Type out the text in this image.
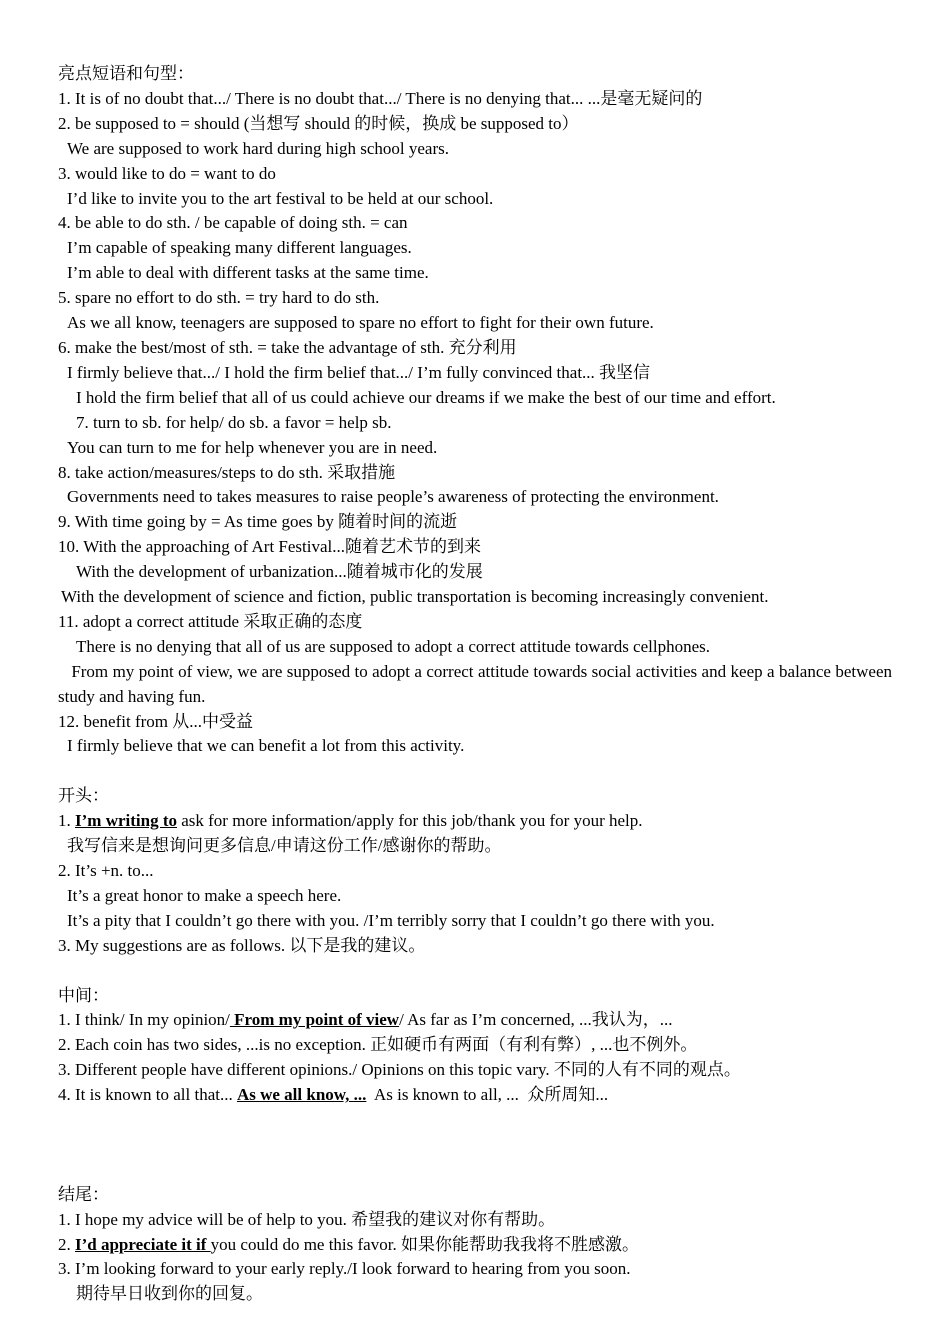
亮点短语和句型：
1. It is of no doubt that.../ There is no doubt that.../ There is no denying that... ...是毫无疑问的
2. be supposed to = should (当想写 should 的时候，换成 be supposed to）
We are supposed to work hard during high school years.
3. would like to do = want to do
I’d like to invite you to the art festival to be held at our school.
4. be able to do sth. / be capable of doing sth. = can
I’m capable of speaking many different languages.
I’m able to deal with different tasks at the same time.
5. spare no effort to do sth. = try hard to do sth.
As we all know, teenagers are supposed to spare no effort to fight for their own future.
6. make the best/most of sth. = take the advantage of sth. 充分利用
I firmly believe that.../ I hold the firm belief that.../ I’m fully convinced that... 我坚信
I hold the firm belief that all of us could achieve our dreams if we make the best of our time and effort.
7. turn to sb. for help/ do sb. a favor = help sb.
You can turn to me for help whenever you are in need.
8. take action/measures/steps to do sth. 采取措施
Governments need to takes measures to raise people’s awareness of protecting the environment.
9. With time going by = As time goes by 随着时间的流逝
10. With the approaching of Art Festival...随着艺术节的到来
With the development of urbanization...随着城市化的发展
With the development of science and fiction, public transportation is becoming increasingly convenient.
11. adopt a correct attitude 采取正确的态度
There is no denying that all of us are supposed to adopt a correct attitude towards cellphones.
From my point of view, we are supposed to adopt a correct attitude towards social activities and keep a balance between study and having fun.
12. benefit from 从...中受益
I firmly believe that we can benefit a lot from this activity.
开头：
1. I’m writing to ask for more information/apply for this job/thank you for your help.
我写信来是想询问更多信息/申请这份工作/感谢你的帮助。
2. It’s +n. to...
It’s a great honor to make a speech here.
It’s a pity that I couldn’t go there with you. /I’m terribly sorry that I couldn’t go there with you.
3. My suggestions are as follows. 以下是我的建议。
中间：
1. I think/ In my opinion/ From my point of view/ As far as I’m concerned, ...我认为，...
2. Each coin has two sides, ...is no exception. 正如硬币有两面（有利有弊）, ...也不例外。
3. Different people have different opinions./ Opinions on this topic vary. 不同的人有不同的观点。
4. It is known to all that... As we all know, ...  As is known to all, ...  众所周知...
结尾：
1. I hope my advice will be of help to you. 希望我的建议对你有帮助。
2. I’d appreciate it if you could do me this favor. 如果你能帮助我我将不胜感激。
3. I’m looking forward to your early reply./I look forward to hearing from you soon.
期待早日收到你的回复。
